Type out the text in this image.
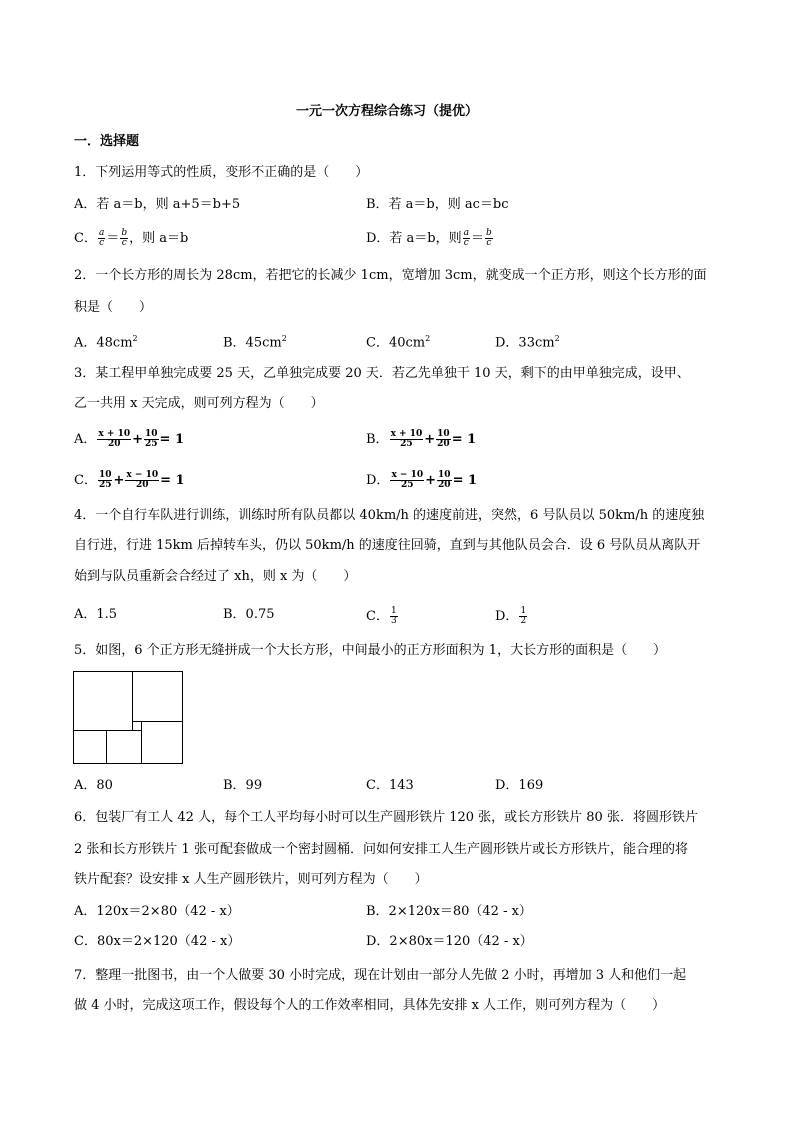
一元一次方程综合练习（提优）
一．选择题
1．下列运用等式的性质，变形不正确的是（　　）
A．若 a＝b，则 a+5＝b+5	B．若 a＝b，则 ac＝bc
C． $\frac{a}{c} = \frac{b}{c}$ ，则 a＝b	D．若 a＝b，则 $\frac{a}{c} = \frac{b}{c}$
2．一个长方形的周长为 28cm，若把它的长减少 1cm，宽增加 3cm，就变成一个正方形，则这个长方形的面
积是（　　）
A．$48cm^2$	B．$45cm^2$	C．$40cm^2$	D．$33cm^2$
3．某工程甲单独完成要 25 天，乙单独完成要 20 天．若乙先单独干 10 天，剩下的由甲单独完成，设甲、
乙一共用 x 天完成，则可列方程为（　　）
A． $\frac{x + 10}{20} + \frac{10}{25} = 1$	B． $\frac{x + 10}{25} + \frac{10}{20} = 1$
C． $\frac{10}{25} + \frac{x - 10}{20} = 1$	D． $\frac{x - 10}{25} + \frac{10}{20} = 1$
4．一个自行车队进行训练，训练时所有队员都以 40km/h 的速度前进，突然，6 号队员以 50km/h 的速度独
自行进，行进 15km 后掉转车头，仍以 50km/h 的速度往回骑，直到与其他队员会合．设 6 号队员从离队开
始到与队员重新会合经过了 xh，则 x 为（　　）
A．1.5	B．0.75	C． $\frac{1}{3}$	D． $\frac{1}{2}$
5．如图，6 个正方形无缝拼成一个大长方形，中间最小的正方形面积为 1，大长方形的面积是（　　）
A．80	B．99	C．143	D．169
6．包装厂有工人 42 人，每个工人平均每小时可以生产圆形铁片 120 张，或长方形铁片 80 张．将圆形铁片
2 张和长方形铁片 1 张可配套做成一个密封圆桶．问如何安排工人生产圆形铁片或长方形铁片，能合理的将
铁片配套？设安排 x 人生产圆形铁片，则可列方程为（　　）
A．120x＝2×80（42 - x）	B．2×120x＝80（42 - x）
C．80x＝2×120（42 - x）	D．2×80x＝120（42 - x）
7．整理一批图书，由一个人做要 30 小时完成，现在计划由一部分人先做 2 小时，再增加 3 人和他们一起
做 4 小时，完成这项工作，假设每个人的工作效率相同，具体先安排 x 人工作，则可列方程为（　　）
